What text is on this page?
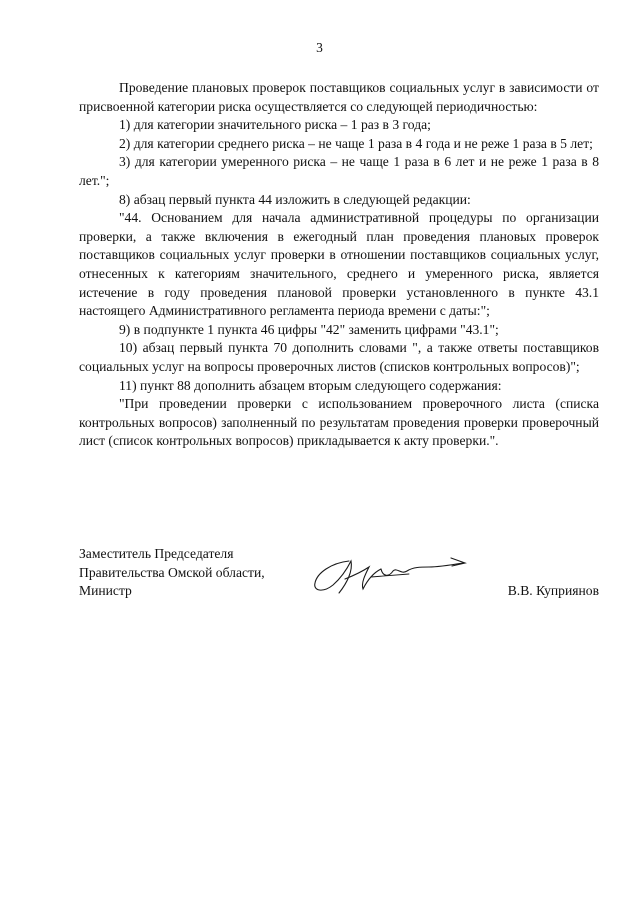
3

Проведение плановых проверок поставщиков социальных услуг в зависимости от присвоенной категории риска осуществляется со следующей периодичностью:

1) для категории значительного риска – 1 раз в 3 года;

2) для категории среднего риска – не чаще 1 раза в 4 года и не реже 1 раза в 5 лет;

3) для категории умеренного риска – не чаще 1 раза в 6 лет и не реже 1 раза в 8 лет.";

8) абзац первый пункта 44 изложить в следующей редакции:

"44. Основанием для начала административной процедуры по организации проверки, а также включения в ежегодный план проведения плановых проверок поставщиков социальных услуг проверки в отношении поставщиков социальных услуг, отнесенных к категориям значительного, среднего и умеренного риска, является истечение в году проведения плановой проверки установленного в пункте 43.1 настоящего Административного регламента периода времени с даты:";

9) в подпункте 1 пункта 46 цифры "42" заменить цифрами "43.1";

10) абзац первый пункта 70 дополнить словами ", а также ответы поставщиков социальных услуг на вопросы проверочных листов (списков контрольных вопросов)";

11) пункт 88 дополнить абзацем вторым следующего содержания:

"При проведении проверки с использованием проверочного листа (списка контрольных вопросов) заполненный по результатам проведения проверки проверочный лист (список контрольных вопросов) прикладывается к акту проверки.".

Заместитель Председателя
Правительства Омской области,
Министр	В.В. Куприянов
